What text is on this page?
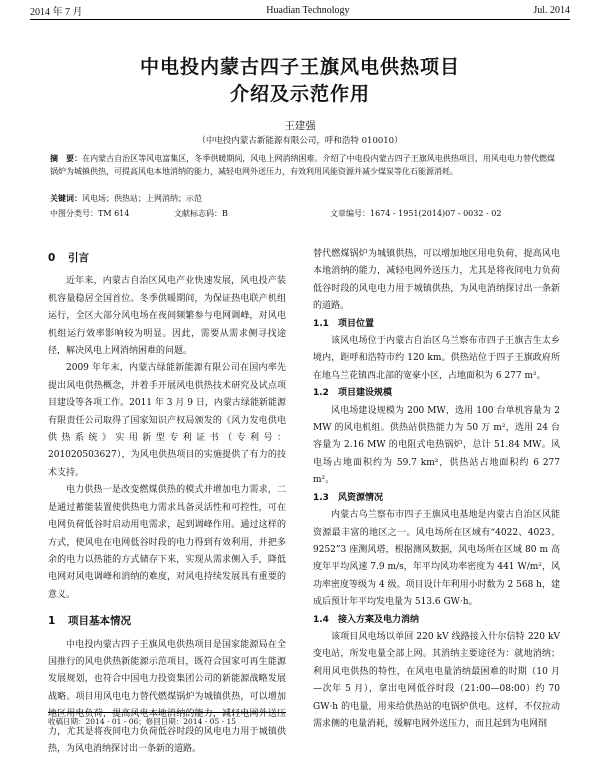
2014 年 7 月	Huadian Technology	Jul. 2014
中电投内蒙古四子王旗风电供热项目
介绍及示范作用
王建强
（中电投内蒙古新能源有限公司，呼和浩特 010010）
摘　要：在内蒙古自治区等风电富集区，冬季供暖期间，风电上网消纳困难。介绍了中电投内蒙古四子王旗风电供热项目，用风电电力替代燃煤锅炉为城镇供热，可提高风电本地消纳的能力，减轻电网外送压力，有效利用风能资源并减少煤炭等化石能源消耗。
关键词：风电场；供热站；上网消纳；示范
中图分类号：TM 614	文献标志码：B	文章编号：1674 - 1951(2014)07 - 0032 - 02
0 引言

近年来，内蒙古自治区风电产业快速发展，风电投产装机容量稳居全国首位。冬季供暖期间，为保证热电联产机组运行，全区大部分风电场在夜间频繁参与电网调峰，对风电机组运行效率影响较为明显。因此，需要从需求侧寻找途径，解决风电上网消纳困难的问题。

2009 年年末，内蒙古绿能新能源有限公司在国内率先提出风电供热概念，并着手开展风电供热技术研究及试点项目建设等各项工作。2011 年 3 月 9 日，内蒙古绿能新能源有限责任公司取得了国家知识产权局颁发的《风力发电供电供热系统》实用新型专利证书（专利号：201020503627），为风电供热项目的实施提供了有力的技术支持。

电力供热一是改变燃煤供热的模式并增加电力需求，二是通过蓄能装置使供热电力需求具备灵活性和可控性，可在电网负荷低谷时启动用电需求，起到调峰作用。通过这样的方式，使风电在电网低谷时段的电力得到有效利用，并把多余的电力以热能的方式储存下来，实现从需求侧入手，降低电网对风电调峰和消纳的难度，对风电持续发展具有重要的意义。

1 项目基本情况

中电投内蒙古四子王旗风电供热项目是国家能源局在全国推行的风电供热新能源示范项目，既符合国家可再生能源发展规划，也符合中国电力投资集团公司的新能源战略发展战略。项目用风电电力替代燃煤锅炉为城镇供热，可以增加地区用电负荷，提高风电本地消纳的能力，减轻电网外送压力，尤其是将夜间电力负荷低谷时段的风电电力用于城镇供热，为风电消纳探讨出一条新的道路。

替代燃煤锅炉为城镇供热，可以增加地区用电负荷，提高风电本地消纳的能力，减轻电网外送压力，尤其是将夜间电力负荷低谷时段的风电电力用于城镇供热，为风电消纳探讨出一条新的道路。

1.1　项目位置

该风电场位于内蒙古自治区乌兰察布市四子王旗吉生太乡境内，距呼和浩特市约 120 km。供热站位于四子王旗政府所在地乌兰花镇西北部的宽豪小区，占地面积为 6 277 m²。

1.2　项目建设规模

风电场建设规模为 200 MW，选用 100 台单机容量为 2 MW 的风电机组。供热站供热能力为 50 万 m²，选用 24 台容量为 2.16 MW 的电阻式电热锅炉，总计 51.84 MW。风电场占地面积约为 59.7 km²，供热站占地面积约 6 277 m²。

1.3　风资源情况

内蒙古乌兰察布市四子王旗风电基地是内蒙古自治区风能资源最丰富的地区之一。风电场所在区域有“4022、4023、9252”3 座测风塔，根据测风数据，风电场所在区域 80 m 高度年平均风速 7.9 m/s，年平均风功率密度为 441 W/m²，风功率密度等级为 4 级。项目设计年利用小时数为 2 568 h，建成后预计年平均发电量为 513.6 GW·h。

1.4　接入方案及电力消纳

该项目风电场以单回 220 kV 线路接入什尔信特 220 kV 变电站，所发电量全部上网。其消纳主要途径为：就地消纳；利用风电供热的特性，在风电电量消纳最困难的时期（10 月—次年 5 月），拿出电网低谷时段（21:00—08:00）约 70 GW·h 的电量，用来给供热站的电锅炉供电。这样，不仅拉动需求侧的电量消耗，缓解电网外送压力，而且起到为电网削

收稿日期：2014 - 01 - 06；修回日期：2014 - 05 - 15
